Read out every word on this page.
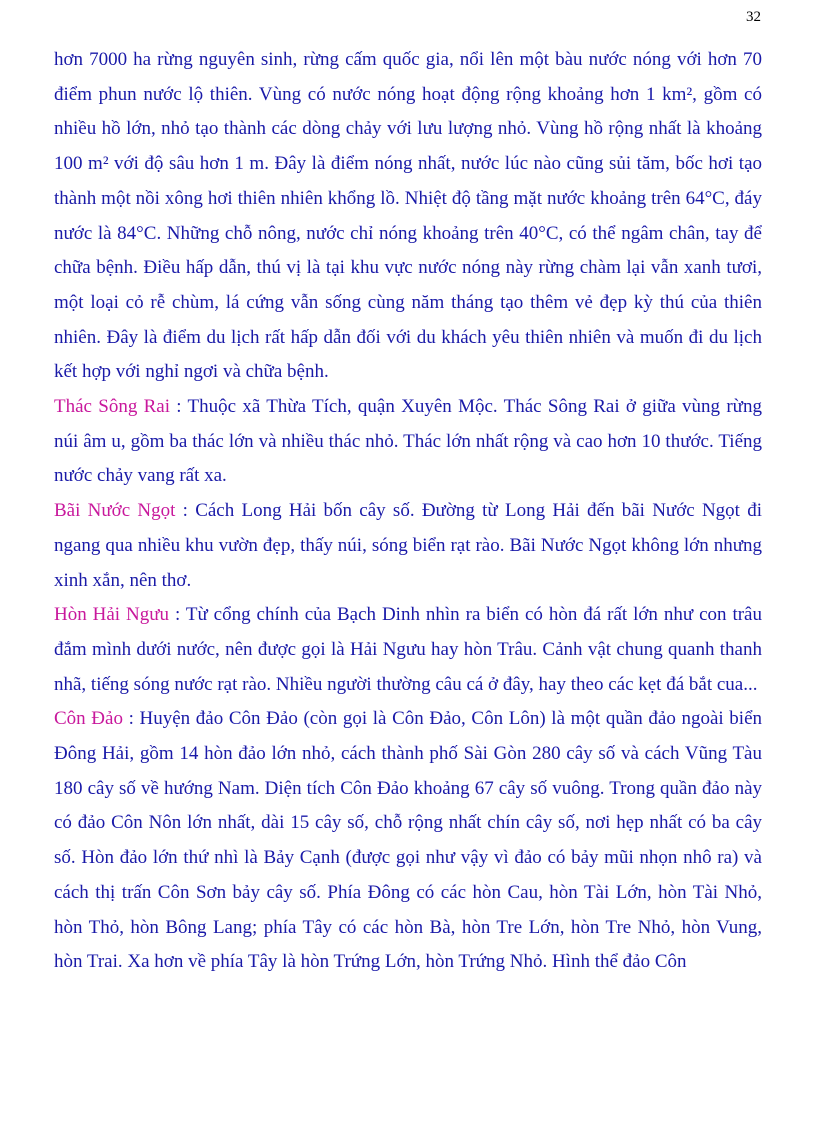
32

hơn 7000 ha rừng nguyên sinh, rừng cấm quốc gia, nổi lên một bàu nước nóng với hơn 70 điểm phun nước lộ thiên. Vùng có nước nóng hoạt động rộng khoảng hơn 1 km², gồm có nhiều hồ lớn, nhỏ tạo thành các dòng chảy với lưu lượng nhỏ. Vùng hồ rộng nhất là khoảng 100 m² với độ sâu hơn 1 m. Đây là điểm nóng nhất, nước lúc nào cũng sủi tăm, bốc hơi tạo thành một nồi xông hơi thiên nhiên khổng lồ. Nhiệt độ tầng mặt nước khoảng trên 64°C, đáy nước là 84°C. Những chỗ nông, nước chỉ nóng khoảng trên 40°C, có thể ngâm chân, tay để chữa bệnh. Điều hấp dẫn, thú vị là tại khu vực nước nóng này rừng chàm lại vẫn xanh tươi, một loại cỏ rễ chùm, lá cứng vẫn sống cùng năm tháng tạo thêm vẻ đẹp kỳ thú của thiên nhiên. Đây là điểm du lịch rất hấp dẫn đối với du khách yêu thiên nhiên và muốn đi du lịch kết hợp với nghỉ ngơi và chữa bệnh.

Thác Sông Rai : Thuộc xã Thừa Tích, quận Xuyên Mộc. Thác Sông Rai ở giữa vùng rừng núi âm u, gồm ba thác lớn và nhiều thác nhỏ. Thác lớn nhất rộng và cao hơn 10 thước. Tiếng nước chảy vang rất xa.

Bãi Nước Ngọt : Cách Long Hải bốn cây số. Đường từ Long Hải đến bãi Nước Ngọt đi ngang qua nhiều khu vườn đẹp, thấy núi, sóng biển rạt rào. Bãi Nước Ngọt không lớn nhưng xinh xắn, nên thơ.

Hòn Hải Ngưu : Từ cổng chính của Bạch Dinh nhìn ra biển có hòn đá rất lớn như con trâu đắm mình dưới nước, nên được gọi là Hải Ngưu hay hòn Trâu. Cảnh vật chung quanh thanh nhã, tiếng sóng nước rạt rào. Nhiều người thường câu cá ở đây, hay theo các kẹt đá bắt cua...

Côn Đảo : Huyện đảo Côn Đảo (còn gọi là Côn Đảo, Côn Lôn) là một quần đảo ngoài biển Đông Hải, gồm 14 hòn đảo lớn nhỏ, cách thành phố Sài Gòn 280 cây số và cách Vũng Tàu 180 cây số về hướng Nam. Diện tích Côn Đảo khoảng 67 cây số vuông. Trong quần đảo này có đảo Côn Nôn lớn nhất, dài 15 cây số, chỗ rộng nhất chín cây số, nơi hẹp nhất có ba cây số. Hòn đảo lớn thứ nhì là Bảy Cạnh (được gọi như vậy vì đảo có bảy mũi nhọn nhô ra) và cách thị trấn Côn Sơn bảy cây số. Phía Đông có các hòn Cau, hòn Tài Lớn, hòn Tài Nhỏ, hòn Thỏ, hòn Bông Lang; phía Tây có các hòn Bà, hòn Tre Lớn, hòn Tre Nhỏ, hòn Vung, hòn Trai. Xa hơn về phía Tây là hòn Trứng Lớn, hòn Trứng Nhỏ. Hình thể đảo Côn
